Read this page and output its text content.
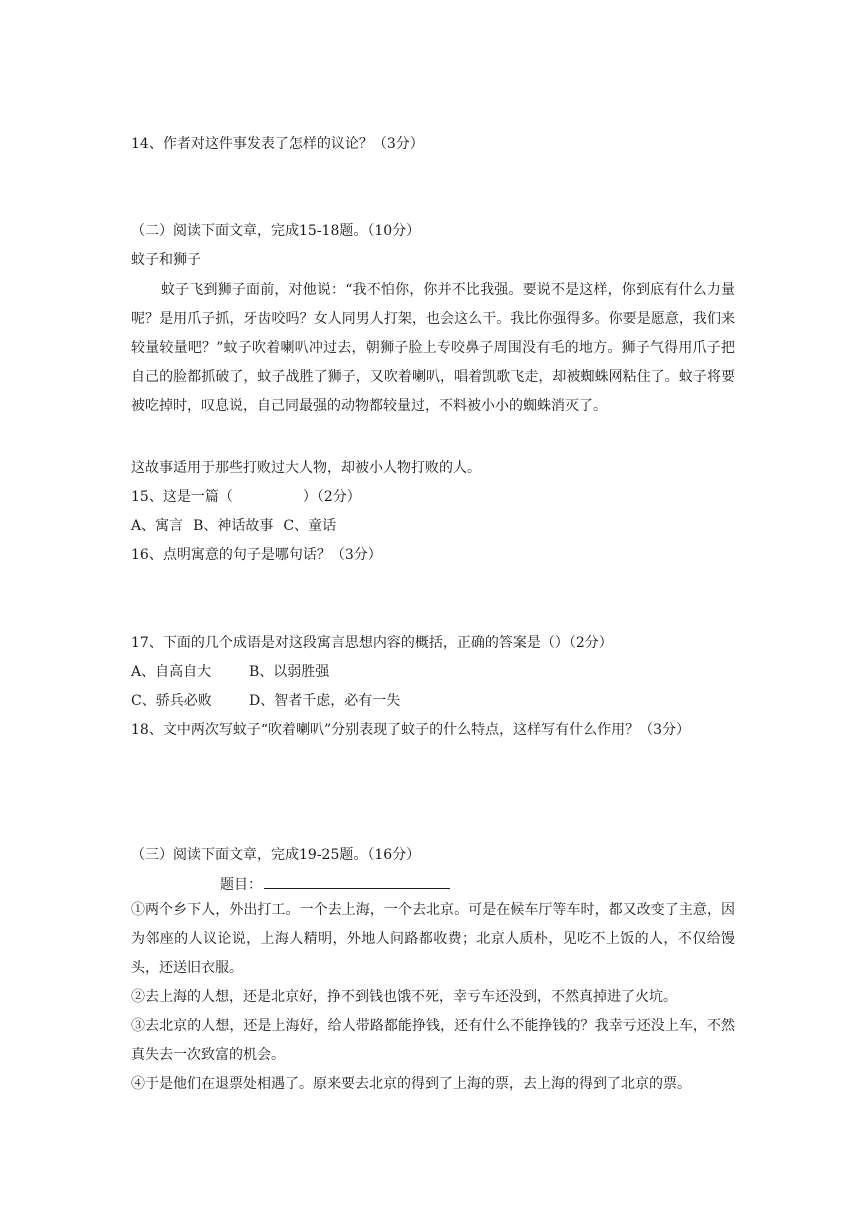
14、作者对这件事发表了怎样的议论？（3分）
（二）阅读下面文章，完成15-18题。（10分）
蚊子和狮子
蚊子飞到狮子面前，对他说：“我不怕你，你并不比我强。要说不是这样，你到底有什么力量呢？是用爪子抓，牙齿咬吗？女人同男人打架，也会这么干。我比你强得多。你要是愿意，我们来较量较量吧？”蚊子吹着喇叭冲过去，朝狮子脸上专咬鼻子周围没有毛的地方。狮子气得用爪子把自己的脸都抓破了，蚊子战胜了狮子，又吹着喇叭，唱着凯歌飞走，却被蜘蛛网粘住了。蚊子将要被吃掉时，叹息说，自己同最强的动物都较量过，不料被小小的蜘蛛消灭了。
这故事适用于那些打败过大人物，却被小人物打败的人。
15、这是一篇（　　　　　）（2分）
A、寓言 B、神话故事 C、童话
16、点明寓意的句子是哪句话？（3分）
17、下面的几个成语是对这段寓言思想内容的概括，正确的答案是（）（2分）
A、自高自大	B、以弱胜强
C、骄兵必败	D、智者千虑，必有一失
18、文中两次写蚊子“吹着喇叭”分别表现了蚊子的什么特点，这样写有什么作用？（3分）
（三）阅读下面文章，完成19-25题。（16分）
题目：
①两个乡下人，外出打工。一个去上海，一个去北京。可是在候车厅等车时，都又改变了主意，因为邻座的人议论说，上海人精明，外地人问路都收费；北京人质朴，见吃不上饭的人，不仅给馒头，还送旧衣服。
②去上海的人想，还是北京好，挣不到钱也饿不死，幸亏车还没到，不然真掉进了火坑。
③去北京的人想，还是上海好，给人带路都能挣钱，还有什么不能挣钱的？我幸亏还没上车，不然真失去一次致富的机会。
④于是他们在退票处相遇了。原来要去北京的得到了上海的票，去上海的得到了北京的票。
